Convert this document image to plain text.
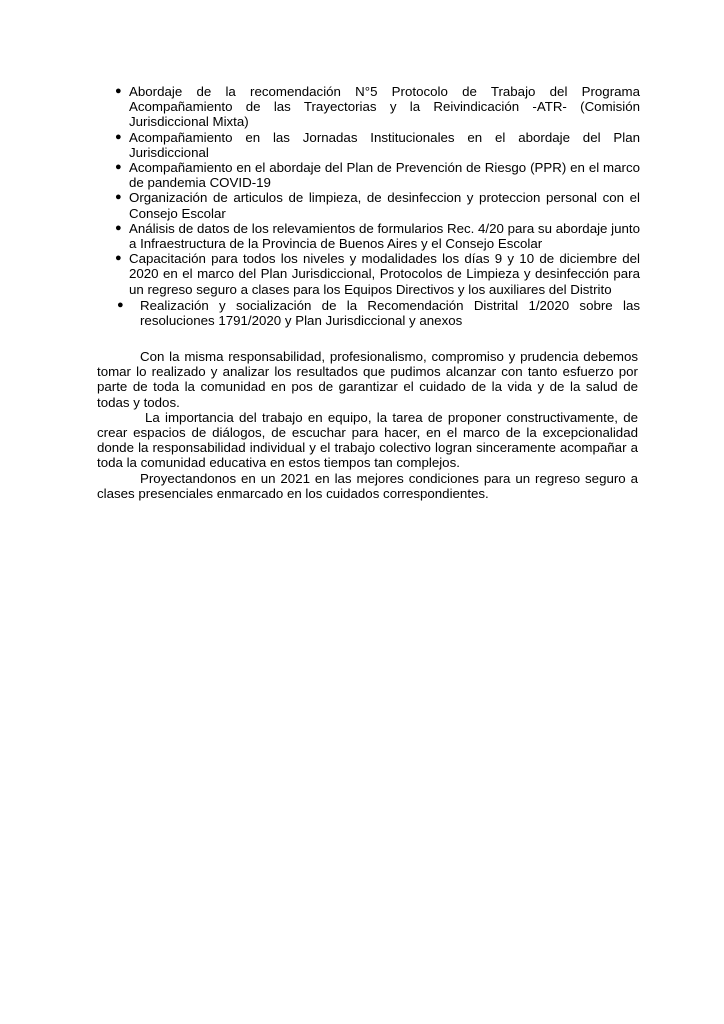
● Abordaje de la recomendación N°5 Protocolo de Trabajo del Programa Acompañamiento de las Trayectorias y la Reivindicación -ATR- (Comisión Jurisdiccional Mixta)
● Acompañamiento en las Jornadas Institucionales en el abordaje del Plan Jurisdiccional
● Acompañamiento en el abordaje del Plan de Prevención de Riesgo (PPR) en el marco de pandemia COVID-19
● Organización de articulos de limpieza, de desinfeccion y proteccion personal con el Consejo Escolar
● Análisis de datos de los relevamientos de formularios Rec. 4/20 para su abordaje junto a Infraestructura de la Provincia de Buenos Aires y el Consejo Escolar
● Capacitación para todos los niveles y modalidades los días 9 y 10 de diciembre del 2020 en el marco del Plan Jurisdiccional, Protocolos de Limpieza y desinfección para un regreso seguro a clases para los Equipos Directivos y los auxiliares del Distrito
● Realización y socialización de la Recomendación Distrital 1/2020 sobre las resoluciones 1791/2020 y Plan Jurisdiccional y anexos

Con la misma responsabilidad, profesionalismo, compromiso y prudencia debemos tomar lo realizado y analizar los resultados que pudimos alcanzar con tanto esfuerzo por parte de toda la comunidad en pos de garantizar el cuidado de la vida y de la salud de todas y todos.

La importancia del trabajo en equipo, la tarea de proponer constructivamente, de crear espacios de diálogos, de escuchar para hacer, en el marco de la excepcionalidad donde la responsabilidad individual y el trabajo colectivo logran sinceramente acompañar a toda la comunidad educativa en estos tiempos tan complejos.

Proyectandonos en un 2021 en las mejores condiciones para un regreso seguro a clases presenciales enmarcado en los cuidados correspondientes.
